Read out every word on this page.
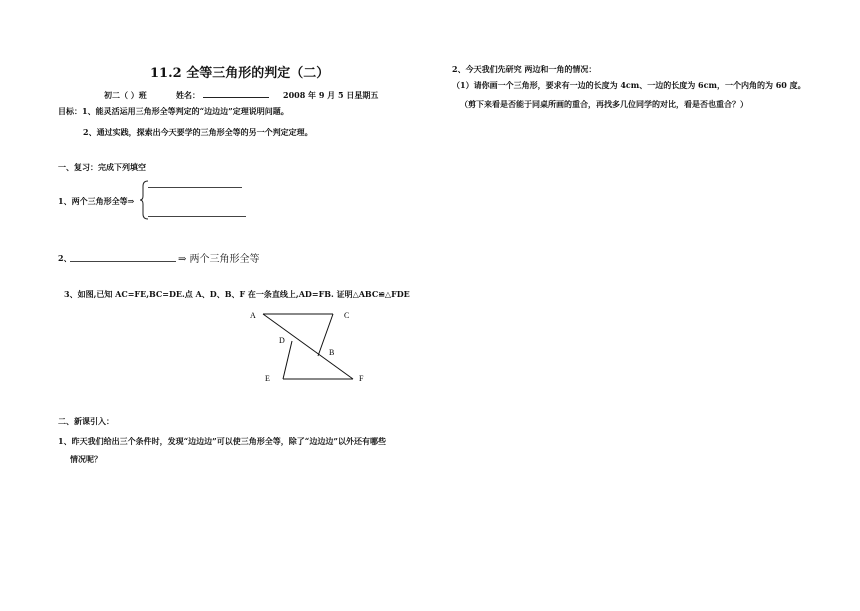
11.2 全等三角形的判定（二）
初二（ ）班	姓名：	2008 年 9 月 5 日星期五
目标：1、能灵活运用三角形全等判定的“边边边”定理说明问题。
2、通过实践，探索出今天要学的三角形全等的另一个判定定理。
一、复习：完成下列填空
1、两个三角形全等⇒
2、	⇒ 两个三角形全等
3、如图,已知 AC=FE,BC=DE.点 A、D、B、F 在一条直线上,AD=FB. 证明△ABC≌△FDE
A	C
D
B
E	F
二、新课引入：
1、昨天我们给出三个条件时，发现“边边边”可以使三角形全等，除了“边边边”以外还有哪些
情况呢？
2、今天我们先研究 两边和一角的情况：
（1）请你画一个三角形，要求有一边的长度为 4cm、一边的长度为 6cm，一个内角的为 60 度。
（剪下来看是否能于同桌所画的重合，再找多几位同学的对比，看是否也重合？）
